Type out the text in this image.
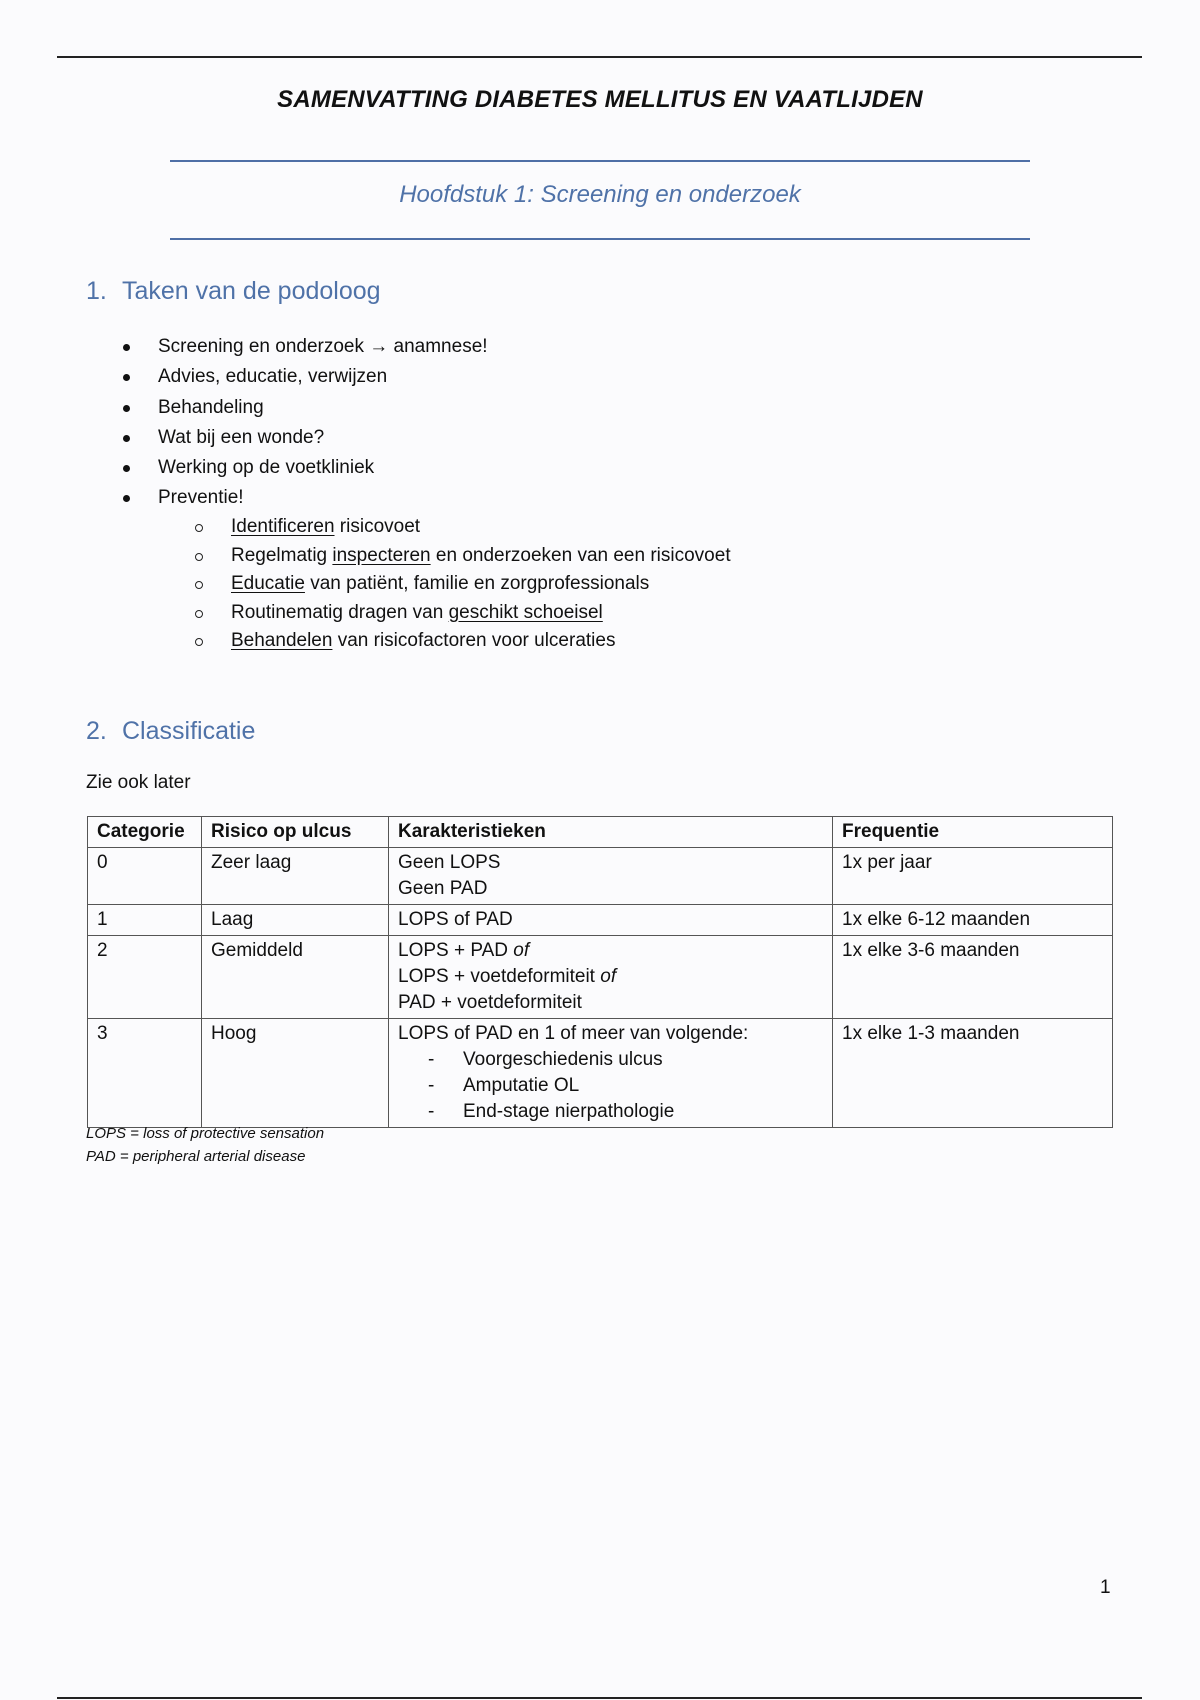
SAMENVATTING DIABETES MELLITUS EN VAATLIJDEN
Hoofdstuk 1: Screening en onderzoek
1. Taken van de podoloog
Screening en onderzoek → anamnese!
Advies, educatie, verwijzen
Behandeling
Wat bij een wonde?
Werking op de voetkliniek
Preventie!
Identificeren risicovoet
Regelmatig inspecteren en onderzoeken van een risicovoet
Educatie van patiënt, familie en zorgprofessionals
Routinematig dragen van geschikt schoeisel
Behandelen van risicofactoren voor ulceraties
2. Classificatie
Zie ook later
Categorie	Risico op ulcus	Karakteristieken	Frequentie
0	Zeer laag	Geen LOPS
Geen PAD	1x per jaar
1	Laag	LOPS of PAD	1x elke 6-12 maanden
2	Gemiddeld	LOPS + PAD of
LOPS + voetdeformiteit of
PAD + voetdeformiteit	1x elke 3-6 maanden
3	Hoog	LOPS of PAD en 1 of meer van volgende:
- Voorgeschiedenis ulcus
- Amputatie OL
- End-stage nierpathologie	1x elke 1-3 maanden
LOPS = loss of protective sensation
PAD = peripheral arterial disease
1
